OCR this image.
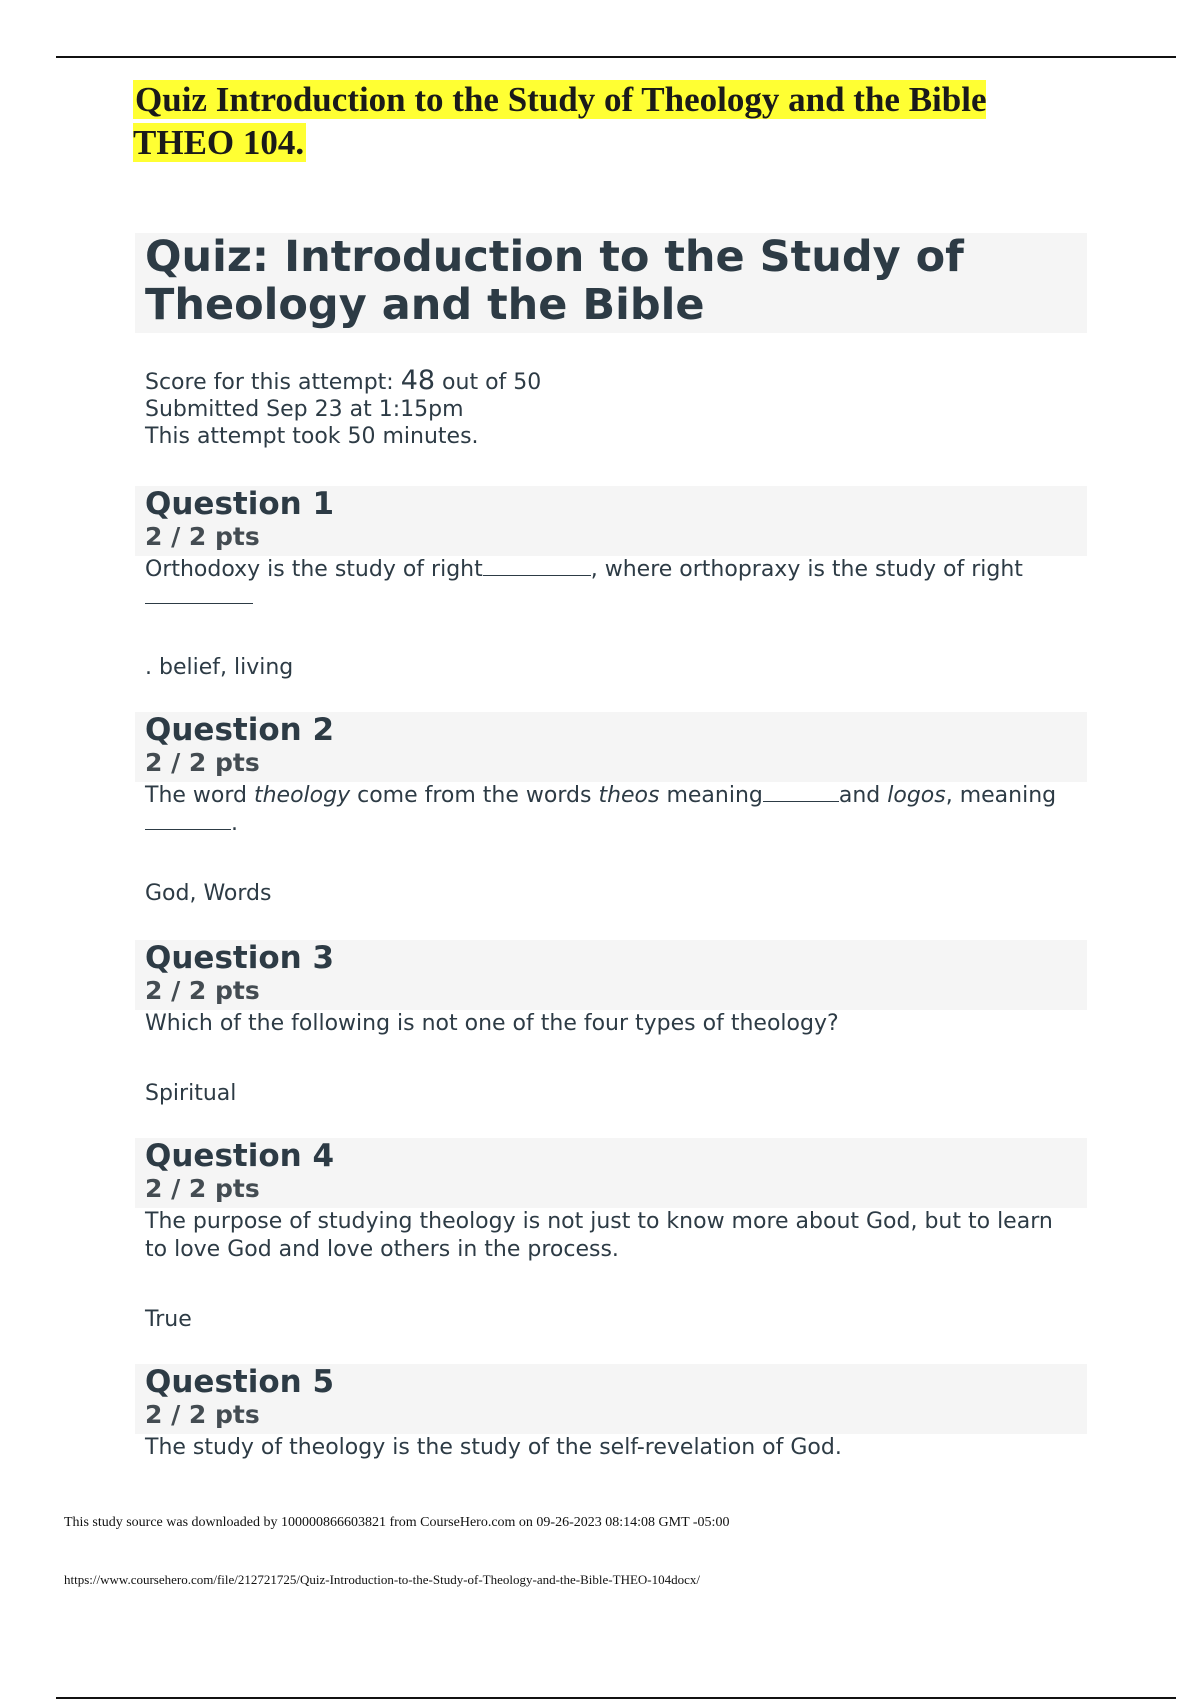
Quiz Introduction to the Study of Theology and the Bible THEO 104.
Quiz: Introduction to the Study of Theology and the Bible
Score for this attempt: 48 out of 50
Submitted Sep 23 at 1:15pm
This attempt took 50 minutes.
Question 1
2 / 2 pts

Orthodoxy is the study of right	, where orthopraxy is the study of right

. belief, living

Question 2
2 / 2 pts

The word theology come from the words theos meaning	and logos, meaning.

God, Words

Question 3
2 / 2 pts

Which of the following is not one of the four types of theology?

Spiritual

Question 4
2 / 2 pts

The purpose of studying theology is not just to know more about God, but to learn to love God and love others in the process.

True

Question 5
2 / 2 pts

The study of theology is the study of the self-revelation of God.

This study source was downloaded by 100000866603821 from CourseHero.com on 09-26-2023 08:14:08 GMT -05:00
https://www.coursehero.com/file/212721725/Quiz-Introduction-to-the-Study-of-Theology-and-the-Bible-THEO-104docx/
